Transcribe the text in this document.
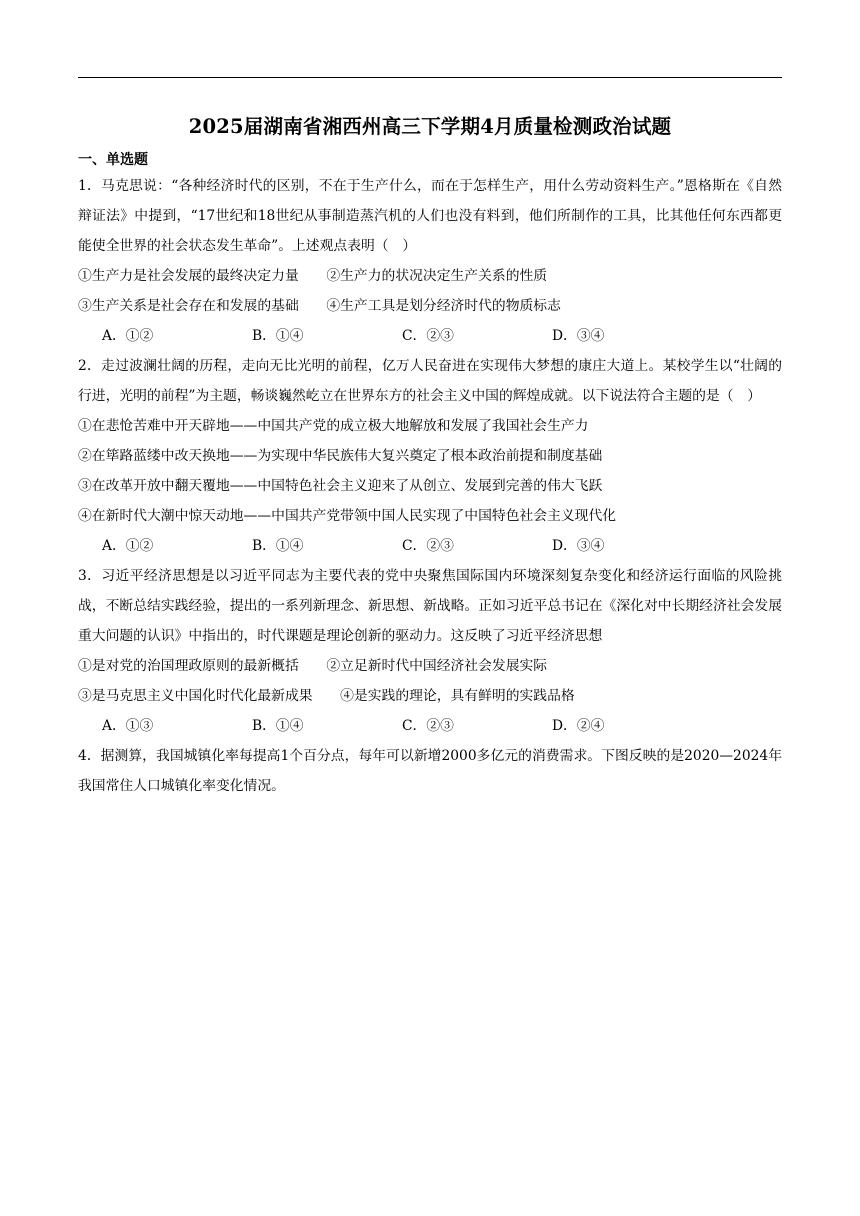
2025届湖南省湘西州高三下学期4月质量检测政治试题
一、单选题

1．马克思说：“各种经济时代的区别，不在于生产什么，而在于怎样生产，用什么劳动资料生产。”恩格斯在《自然辩证法》中提到，“17世纪和18世纪从事制造蒸汽机的人们也没有料到，他们所制作的工具，比其他任何东西都更能使全世界的社会状态发生革命”。上述观点表明（　）

①生产力是社会发展的最终决定力量　　②生产力的状况决定生产关系的性质

③生产关系是社会存在和发展的基础　　④生产工具是划分经济时代的物质标志

A．①②	B．①④	C．②③	D．③④

2．走过波澜壮阔的历程，走向无比光明的前程，亿万人民奋进在实现伟大梦想的康庄大道上。某校学生以“壮阔的行进，光明的前程”为主题，畅谈巍然屹立在世界东方的社会主义中国的辉煌成就。以下说法符合主题的是（　）

①在悲怆苦难中开天辟地——中国共产党的成立极大地解放和发展了我国社会生产力

②在筚路蓝缕中改天换地——为实现中华民族伟大复兴奠定了根本政治前提和制度基础

③在改革开放中翻天覆地——中国特色社会主义迎来了从创立、发展到完善的伟大飞跃

④在新时代大潮中惊天动地——中国共产党带领中国人民实现了中国特色社会主义现代化

A．①②	B．①④	C．②③	D．③④

3．习近平经济思想是以习近平同志为主要代表的党中央聚焦国际国内环境深刻复杂变化和经济运行面临的风险挑战，不断总结实践经验，提出的一系列新理念、新思想、新战略。正如习近平总书记在《深化对中长期经济社会发展重大问题的认识》中指出的，时代课题是理论创新的驱动力。这反映了习近平经济思想

①是对党的治国理政原则的最新概括　　②立足新时代中国经济社会发展实际

③是马克思主义中国化时代化最新成果　　④是实践的理论，具有鲜明的实践品格

A．①③	B．①④	C．②③	D．②④

4．据测算，我国城镇化率每提高1个百分点，每年可以新增2000多亿元的消费需求。下图反映的是2020—2024年我国常住人口城镇化率变化情况。
